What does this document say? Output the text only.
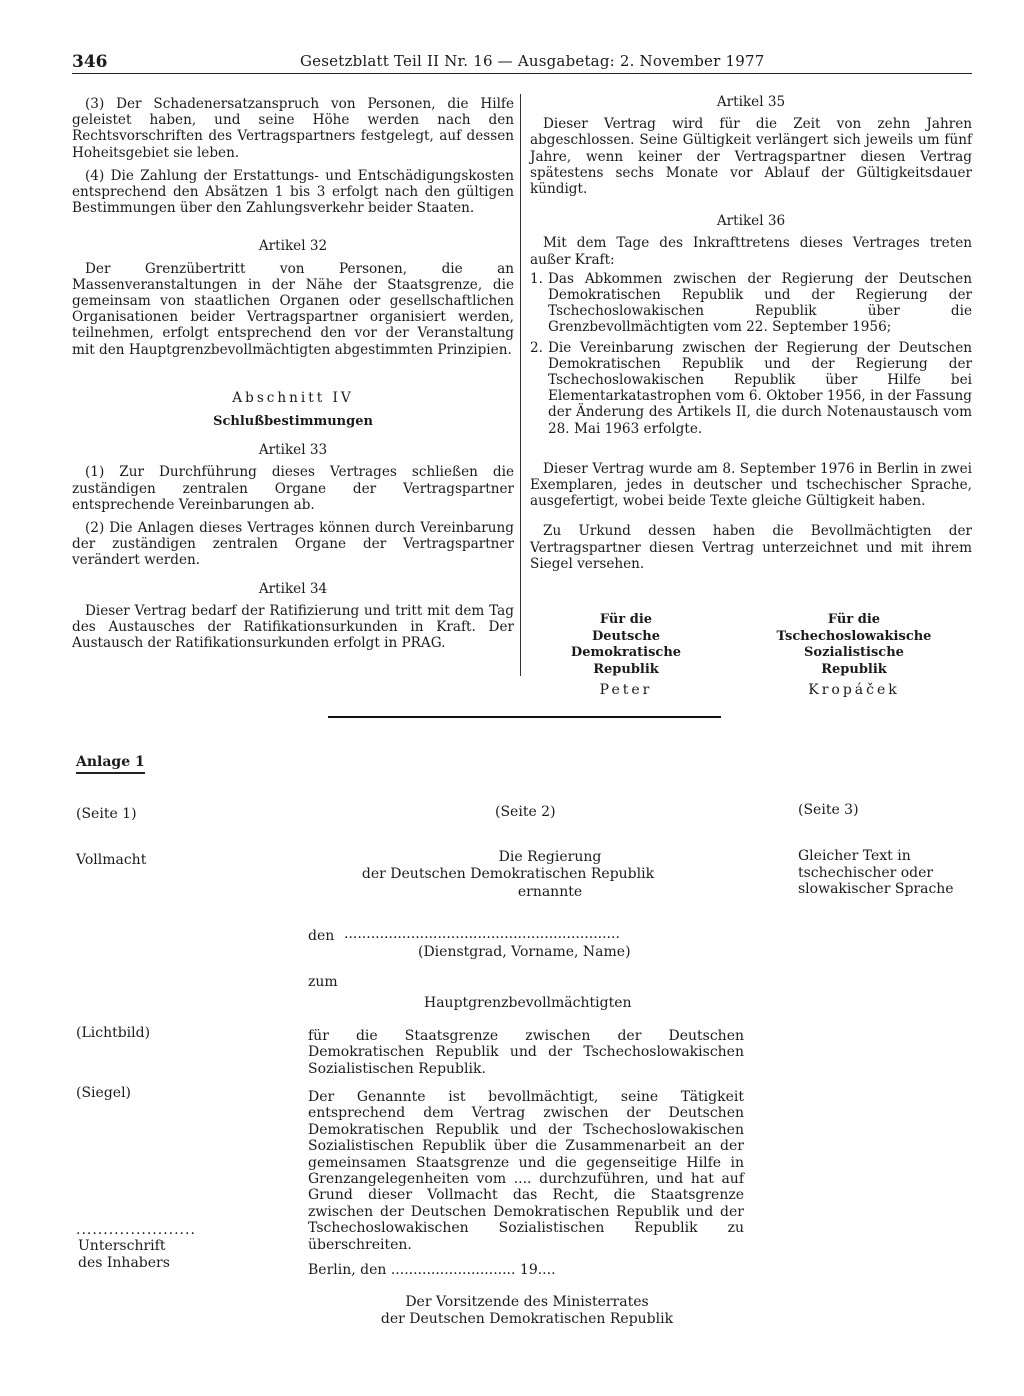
346	Gesetzblatt Teil II Nr. 16 — Ausgabetag: 2. November 1977

(3) Der Schadenersatzanspruch von Personen, die Hilfe geleistet haben, und seine Höhe werden nach den Rechtsvorschriften des Vertragspartners festgelegt, auf dessen Hoheitsgebiet sie leben.

(4) Die Zahlung der Erstattungs- und Entschädigungskosten entsprechend den Absätzen 1 bis 3 erfolgt nach den gültigen Bestimmungen über den Zahlungsverkehr beider Staaten.

Artikel 32

Der Grenzübertritt von Personen, die an Massenveranstaltungen in der Nähe der Staatsgrenze, die gemeinsam von staatlichen Organen oder gesellschaftlichen Organisationen beider Vertragspartner organisiert werden, teilnehmen, erfolgt entsprechend den vor der Veranstaltung mit den Hauptgrenzbevollmächtigten abgestimmten Prinzipien.

Abschnitt IV
Schlußbestimmungen
Artikel 33

(1) Zur Durchführung dieses Vertrages schließen die zuständigen zentralen Organe der Vertragspartner entsprechende Vereinbarungen ab.

(2) Die Anlagen dieses Vertrages können durch Vereinbarung der zuständigen zentralen Organe der Vertragspartner verändert werden.

Artikel 34

Dieser Vertrag bedarf der Ratifizierung und tritt mit dem Tag des Austausches der Ratifikationsurkunden in Kraft. Der Austausch der Ratifikationsurkunden erfolgt in PRAG.

Artikel 35

Dieser Vertrag wird für die Zeit von zehn Jahren abgeschlossen. Seine Gültigkeit verlängert sich jeweils um fünf Jahre, wenn keiner der Vertragspartner diesen Vertrag spätestens sechs Monate vor Ablauf der Gültigkeitsdauer kündigt.

Artikel 36

Mit dem Tage des Inkrafttretens dieses Vertrages treten außer Kraft:

1. Das Abkommen zwischen der Regierung der Deutschen Demokratischen Republik und der Regierung der Tschechoslowakischen Republik über die Grenzbevollmächtigten vom 22. September 1956;
2. Die Vereinbarung zwischen der Regierung der Deutschen Demokratischen Republik und der Regierung der Tschechoslowakischen Republik über Hilfe bei Elementarkatastrophen vom 6. Oktober 1956, in der Fassung der Änderung des Artikels II, die durch Notenaustausch vom 28. Mai 1963 erfolgte.

Dieser Vertrag wurde am 8. September 1976 in Berlin in zwei Exemplaren, jedes in deutscher und tschechischer Sprache, ausgefertigt, wobei beide Texte gleiche Gültigkeit haben.

Zu Urkund dessen haben die Bevollmächtigten der Vertragspartner diesen Vertrag unterzeichnet und mit ihrem Siegel versehen.

Für die
Deutsche Demokratische
Republik
Peter
Für die
Tschechoslowakische Sozialistische
Republik
Kropáček
Anlage 1
(Seite 1)	(Seite 2)	(Seite 3)
Vollmacht	Die Regierung
der Deutschen Demokratischen Republik
ernannte
Gleicher Text in
tschechischer oder
slowakischer Sprache
den ..............................................................
(Dienstgrad, Vorname, Name)
zum
Hauptgrenzbevollmächtigten
(Lichtbild)
(Siegel)
für die Staatsgrenze zwischen der Deutschen Demokratischen Republik und der Tschechoslowakischen Sozialistischen Republik.
Der Genannte ist bevollmächtigt, seine Tätigkeit entsprechend dem Vertrag zwischen der Deutschen Demokratischen Republik und der Tschechoslowakischen Sozialistischen Republik über die Zusammenarbeit an der gemeinsamen Staatsgrenze und die gegenseitige Hilfe in Grenzangelegenheiten vom .... durchzuführen, und hat auf Grund dieser Vollmacht das Recht, die Staatsgrenze zwischen der Deutschen Demokratischen Republik und der Tschechoslowakischen Sozialistischen Republik zu überschreiten.
......................
Unterschrift
des Inhabers	Berlin, den ............................ 19....
Der Vorsitzende des Ministerrates
der Deutschen Demokratischen Republik
